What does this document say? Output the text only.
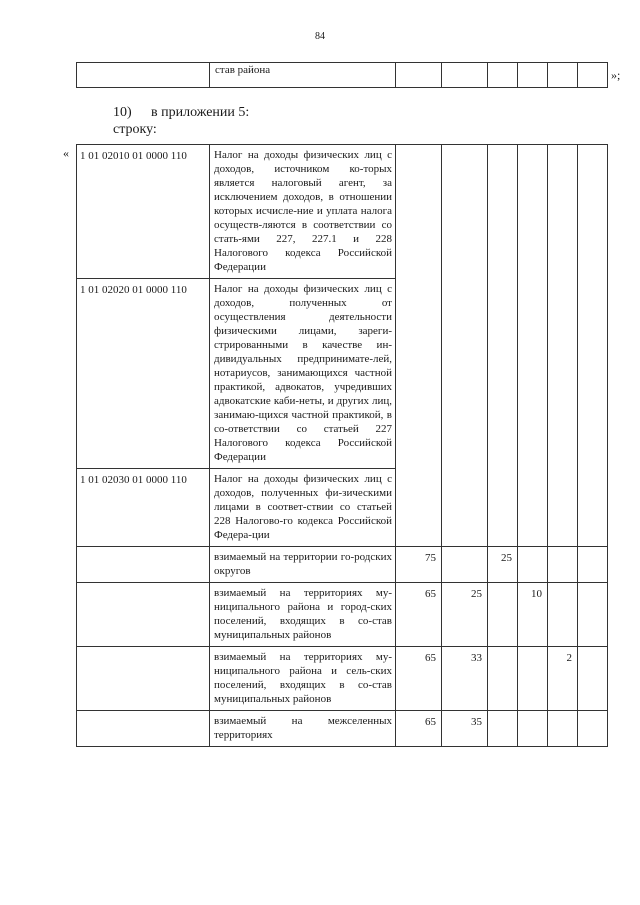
84
	став района							»;
10) в приложении 5:
строку:
« 1 01 02010 01 0000 110	Налог на доходы физических лиц с доходов, источником ко-торых является налоговый агент, за исключением доходов, в отношении которых исчисле-ние и уплата налога осуществ-ляются в соответствии со стать-ями 227, 227.1 и 228 Налогового кодекса Российской Федерации						
1 01 02020 01 0000 110	Налог на доходы физических лиц с доходов, полученных от осуществления деятельности физическими лицами, зареги-стрированными в качестве ин-дивидуальных предпринимате-лей, нотариусов, занимающихся частной практикой, адвокатов, учредивших адвокатские каби-неты, и других лиц, занимаю-щихся частной практикой, в со-ответствии со статьей 227 Налогового кодекса Российской Федерации						
1 01 02030 01 0000 110	Налог на доходы физических лиц с доходов, полученных фи-зическими лицами в соответ-ствии со статьей 228 Налогово-го кодекса Российской Федера-ции						
	взимаемый на территории го-родских округов	75		25			
	взимаемый на территориях му-ниципального района и город-ских поселений, входящих в со-став муниципальных районов	65	25		10		
	взимаемый на территориях му-ниципального района и сель-ских поселений, входящих в со-став муниципальных районов	65	33			2	
	взимаемый на межселенных территориях	65	35				
